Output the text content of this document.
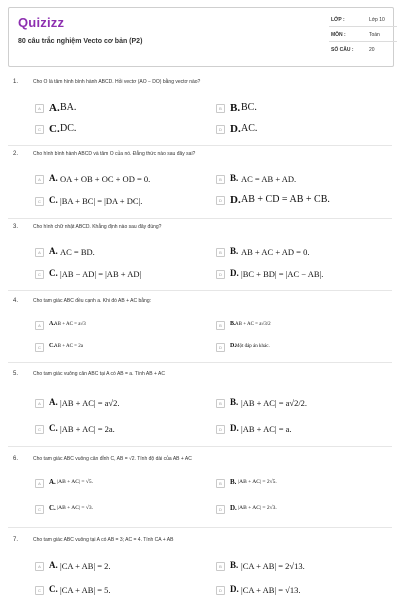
Quizizz
80 câu trắc nghiệm Vecto cơ bản (P2)
LỚP :	Lớp 10
MÔN :	Toán
SỐ CÂU :	20
1.	Cho O là tâm hình bình hành ABCD. Hỏi vectơ (AO − DO) bằng vectơ nào?
A A. BA.	B B. BC.
C C. DC.	D D. AC.
2.	Cho hình bình hành ABCD và tâm O của nó. Đẳng thức nào sau đây sai?
A A. OA + OB + OC + OD = 0.	B B. AC = AB + AD.
C C. |BA + BC| = |DA + DC|.	D D. AB + CD = AB + CB.
3.	Cho hình chữ nhật ABCD. Khẳng định nào sau đây đúng?
A A. AC = BD.	B B. AB + AC + AD = 0.
C C. |AB − AD| = |AB + AD|	D D. |BC + BD| = |AC − AB|.
4.	Cho tam giác ABC đều cạnh a. Khi đó AB + AC bằng:
A	A. AB + AC = a√3	B	B. AB + AC = a√3/2
C	C. AB + AC = 2a	D	D. Một đáp án khác.
5.	Cho tam giác vuông cân ABC tại A có AB = a. Tính AB + AC
A A. |AB + AC| = a√2.	B B. |AB + AC| = a√2/2.
C C. |AB + AC| = 2a.	D D. |AB + AC| = a.
6.	Cho tam giác ABC vuông cân đỉnh C, AB = √2. Tính độ dài của AB + AC
A	A. |AB + AC| = √5.	B	B. |AB + AC| = 2√5.
C	C. |AB + AC| = √3.	D	D. |AB + AC| = 2√3.
7.	Cho tam giác ABC vuông tại A có AB = 3; AC = 4. Tính CA + AB
A A. |CA + AB| = 2.	B B. |CA + AB| = 2√13.
C C. |CA + AB| = 5.	D D. |CA + AB| = √13.
